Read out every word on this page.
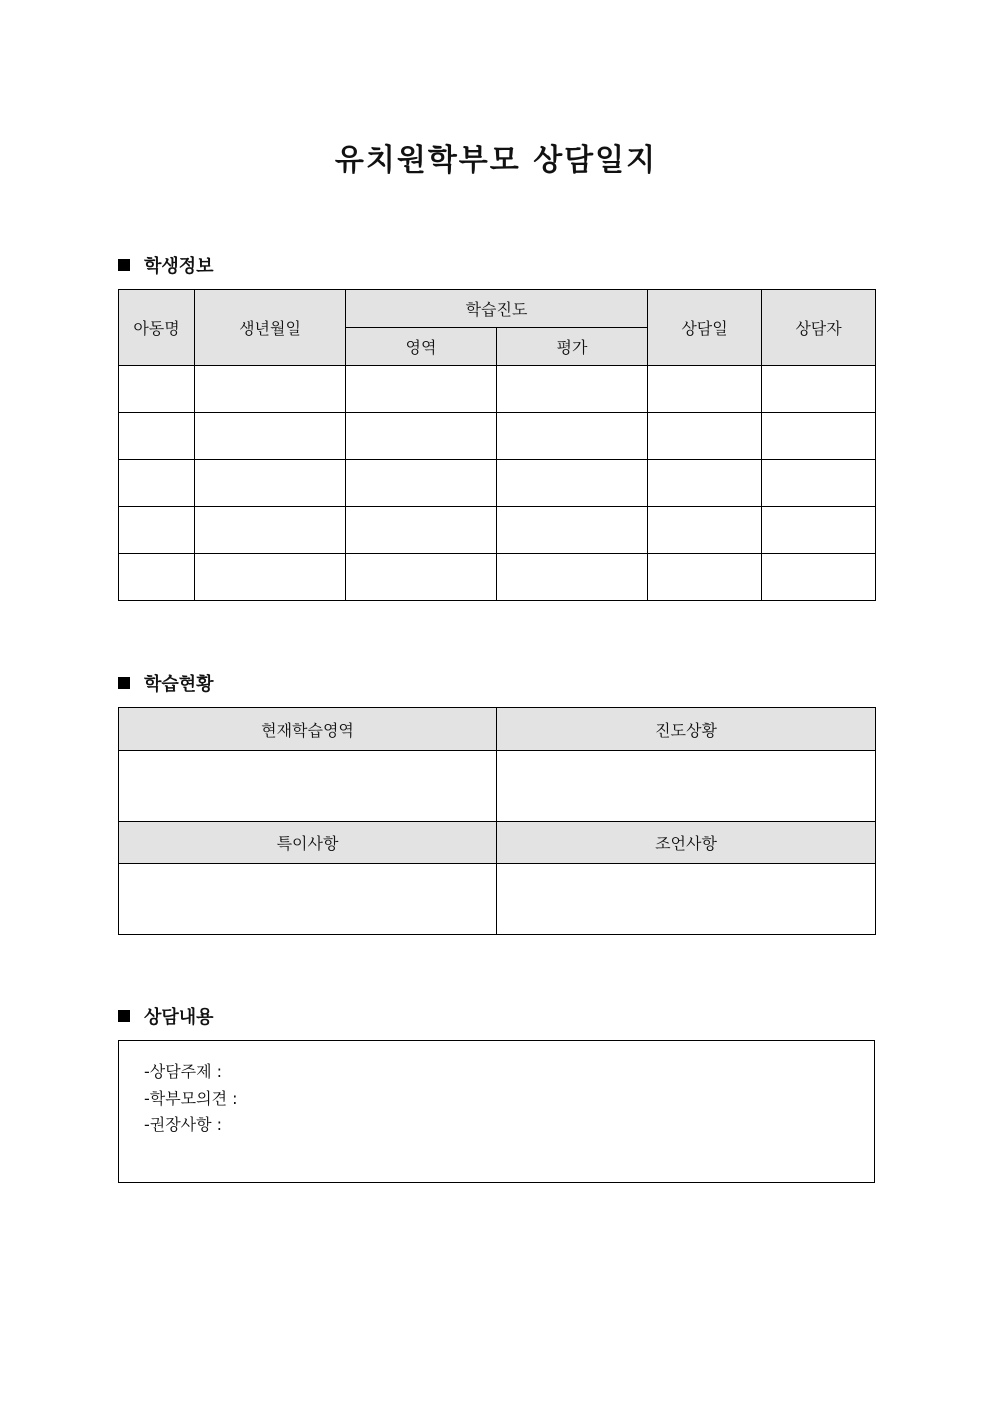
유치원학부모 상담일지
학생정보
아동명	생년월일	학습진도		상담일	상담자
		영역	평가		

학습현황
현재학습영역	진도상황

특이사항	조언사항

상담내용
-상담주제 :
-학부모의견 :
-권장사항 :
